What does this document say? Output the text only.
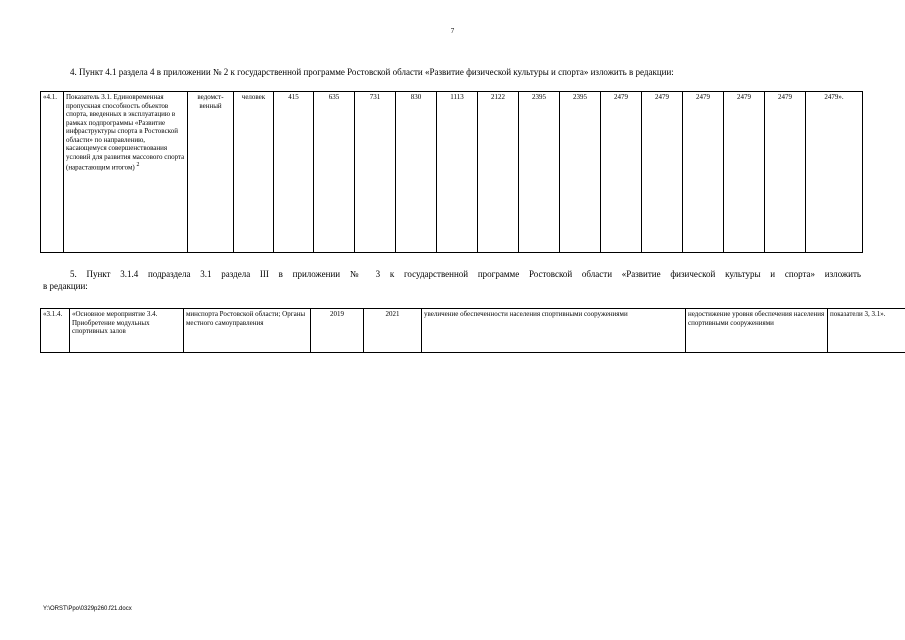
7
4. Пункт 4.1 раздела 4 в приложении № 2 к государственной программе Ростовской области «Развитие физической культуры и спорта» изложить в редакции:
«4.1.	Показатель 3.1. Единовременная пропускная способность объектов спорта, введенных в эксплуатацию в рамках подпрограммы «Развитие инфраструктуры спорта в Ростовской области» по направлению, касающемуся совершенствования условий для развития массового спорта (нарастающим итогом) $^2$	ведомст-венный	человек	415	635	731	830	1113	2122	2395	2395	2479	2479	2479	2479	2479	2479».
5. Пункт 3.1.4 подраздела 3.1 раздела III в приложении № 3 к государственной программе Ростовской области «Развитие физической культуры и спорта» изложить
в редакции:
«3.1.4.	«Основное мероприятие 3.4. Приобретение модульных спортивных залов	минспорта Ростовской области; Органы местного самоуправления	2019	2021	увеличение обеспеченности населения спортивными сооружениями	недостижение уровня обеспечения населения спортивными сооружениями	показатели 3, 3.1».
Y:\ORST\Ppo\0329p260.f21.docx
